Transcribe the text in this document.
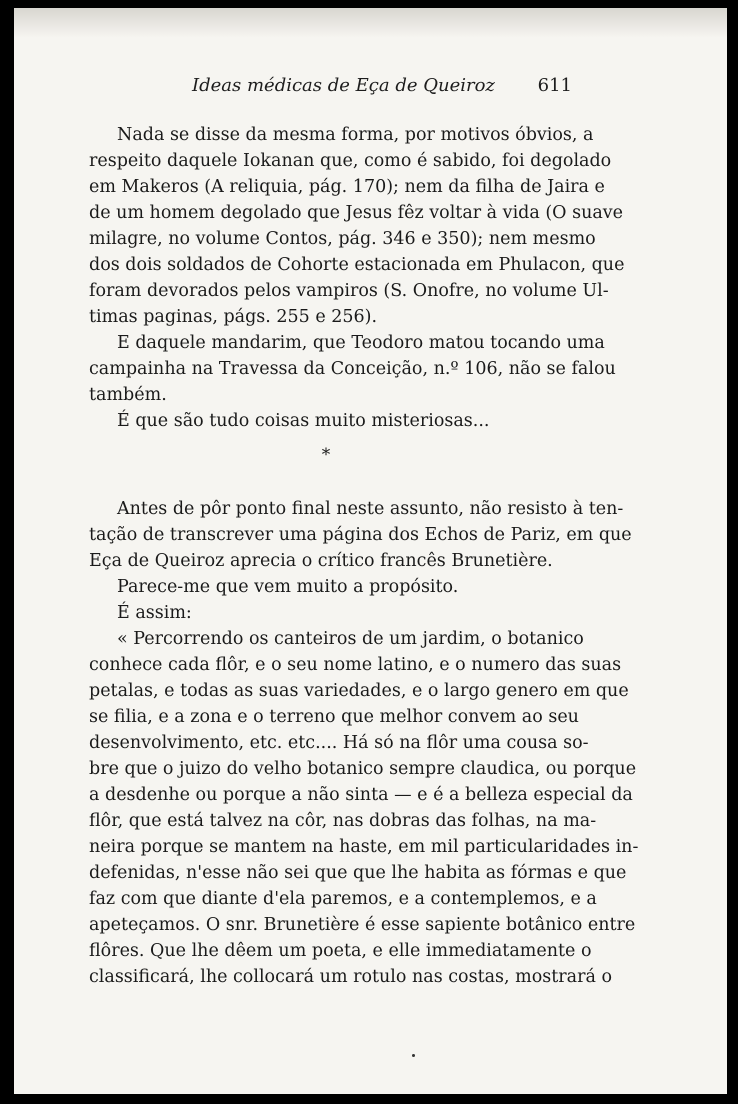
Ideas médicas de Eça de Queiroz 611
Nada se disse da mesma forma, por motivos óbvios, a
respeito daquele Iokanan que, como é sabido, foi degolado
em Makeros (A reliquia, pág. 170); nem da filha de Jaira e
de um homem degolado que Jesus fêz voltar à vida (O suave
milagre, no volume Contos, pág. 346 e 350); nem mesmo
dos dois soldados de Cohorte estacionada em Phulacon, que
foram devorados pelos vampiros (S. Onofre, no volume Ul-
timas paginas, págs. 255 e 256).
E daquele mandarim, que Teodoro matou tocando uma
campainha na Travessa da Conceição, n.º 106, não se falou
também.
É que são tudo coisas muito misteriosas...
*
Antes de pôr ponto final neste assunto, não resisto à ten-
tação de transcrever uma página dos Echos de Pariz, em que
Eça de Queiroz aprecia o crítico francês Brunetière.
Parece-me que vem muito a propósito.
É assim:
« Percorrendo os canteiros de um jardim, o botanico
conhece cada flôr, e o seu nome latino, e o numero das suas
petalas, e todas as suas variedades, e o largo genero em que
se filia, e a zona e o terreno que melhor convem ao seu
desenvolvimento, etc. etc.... Há só na flôr uma cousa so-
bre que o juizo do velho botanico sempre claudica, ou porque
a desdenhe ou porque a não sinta — e é a belleza especial da
flôr, que está talvez na côr, nas dobras das folhas, na ma-
neira porque se mantem na haste, em mil particularidades in-
defenidas, n'esse não sei que que lhe habita as fórmas e que
faz com que diante d'ela paremos, e a contemplemos, e a
apeteçamos. O snr. Brunetière é esse sapiente botânico entre
flôres. Que lhe dêem um poeta, e elle immediatamente o
classificará, lhe collocará um rotulo nas costas, mostrará o
